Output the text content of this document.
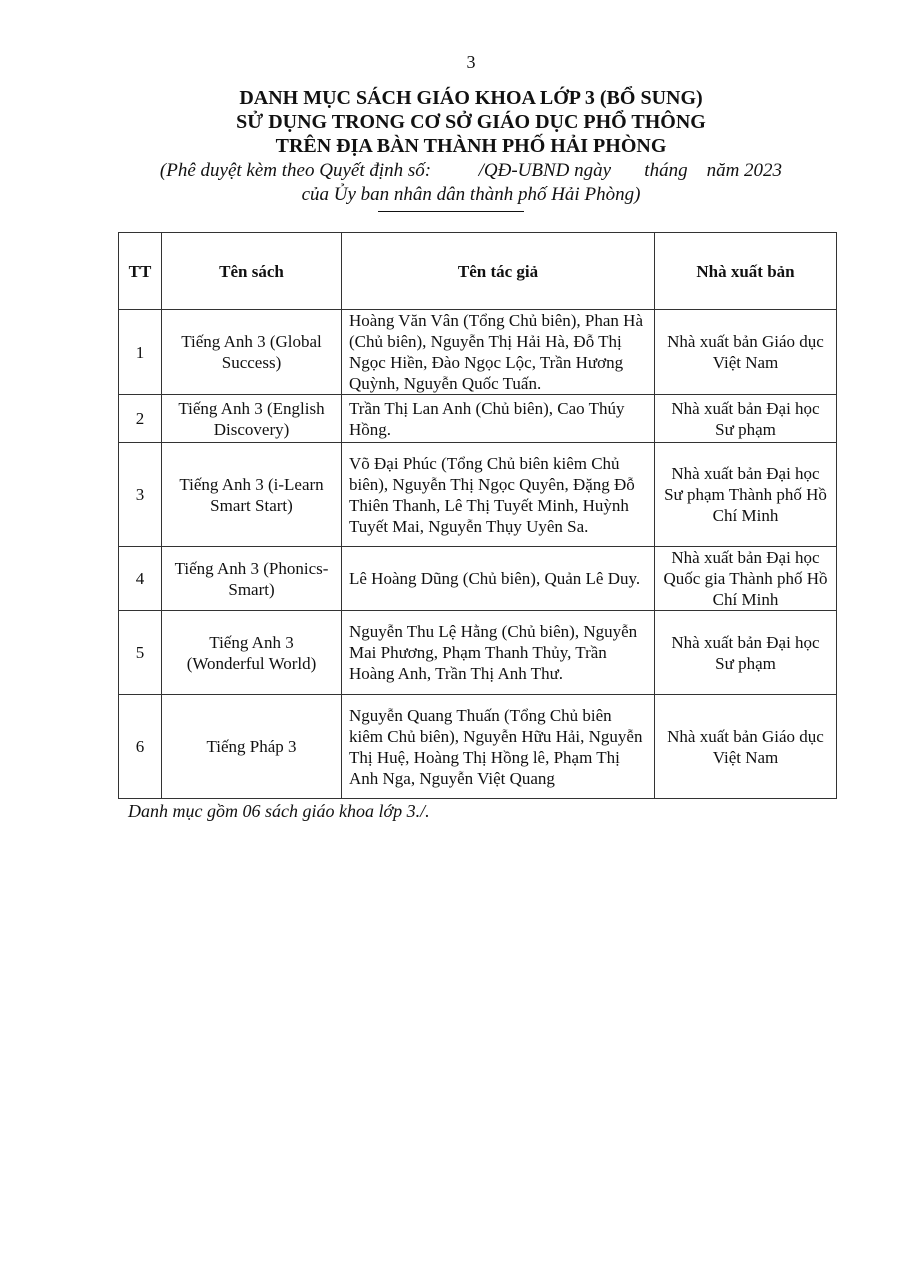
3
DANH MỤC SÁCH GIÁO KHOA LỚP 3 (BỔ SUNG)
SỬ DỤNG TRONG CƠ SỞ GIÁO DỤC PHỔ THÔNG
TRÊN ĐỊA BÀN THÀNH PHỐ HẢI PHÒNG
(Phê duyệt kèm theo Quyết định số:          /QĐ-UBND ngày       tháng    năm 2023
của Ủy ban nhân dân thành phố Hải Phòng)
TT	Tên sách	Tên tác giả	Nhà xuất bản
1	Tiếng Anh 3 (Global Success)	Hoàng Văn Vân (Tổng Chủ biên), Phan Hà (Chủ biên), Nguyễn Thị Hải Hà, Đỗ Thị Ngọc Hiền, Đào Ngọc Lộc, Trần Hương Quỳnh, Nguyễn Quốc Tuấn.	Nhà xuất bản Giáo dục Việt Nam
2	Tiếng Anh 3 (English Discovery)	Trần Thị Lan Anh (Chủ biên), Cao Thúy Hồng.	Nhà xuất bản Đại học Sư phạm
3	Tiếng Anh 3 (i-Learn Smart Start)	Võ Đại Phúc (Tổng Chủ biên kiêm Chủ biên), Nguyễn Thị Ngọc Quyên, Đặng Đỗ Thiên Thanh, Lê Thị Tuyết Minh, Huỳnh Tuyết Mai, Nguyễn Thụy Uyên Sa.	Nhà xuất bản Đại học Sư phạm Thành phố Hồ Chí Minh
4	Tiếng Anh 3 (Phonics- Smart)	Lê Hoàng Dũng (Chủ biên), Quản Lê Duy.	Nhà xuất bản Đại học Quốc gia Thành phố Hồ Chí Minh
5	Tiếng Anh 3 (Wonderful World)	Nguyễn Thu Lệ Hằng (Chủ biên), Nguyễn Mai Phương, Phạm Thanh Thủy, Trần Hoàng Anh, Trần Thị Anh Thư.	Nhà xuất bản Đại học Sư phạm
6	Tiếng Pháp 3	Nguyễn Quang Thuấn (Tổng Chủ biên kiêm Chủ biên), Nguyễn Hữu Hải, Nguyễn Thị Huệ, Hoàng Thị Hồng lê, Phạm Thị Anh Nga, Nguyễn Việt Quang	Nhà xuất bản Giáo dục Việt Nam
Danh mục gồm 06 sách giáo khoa lớp 3./.
